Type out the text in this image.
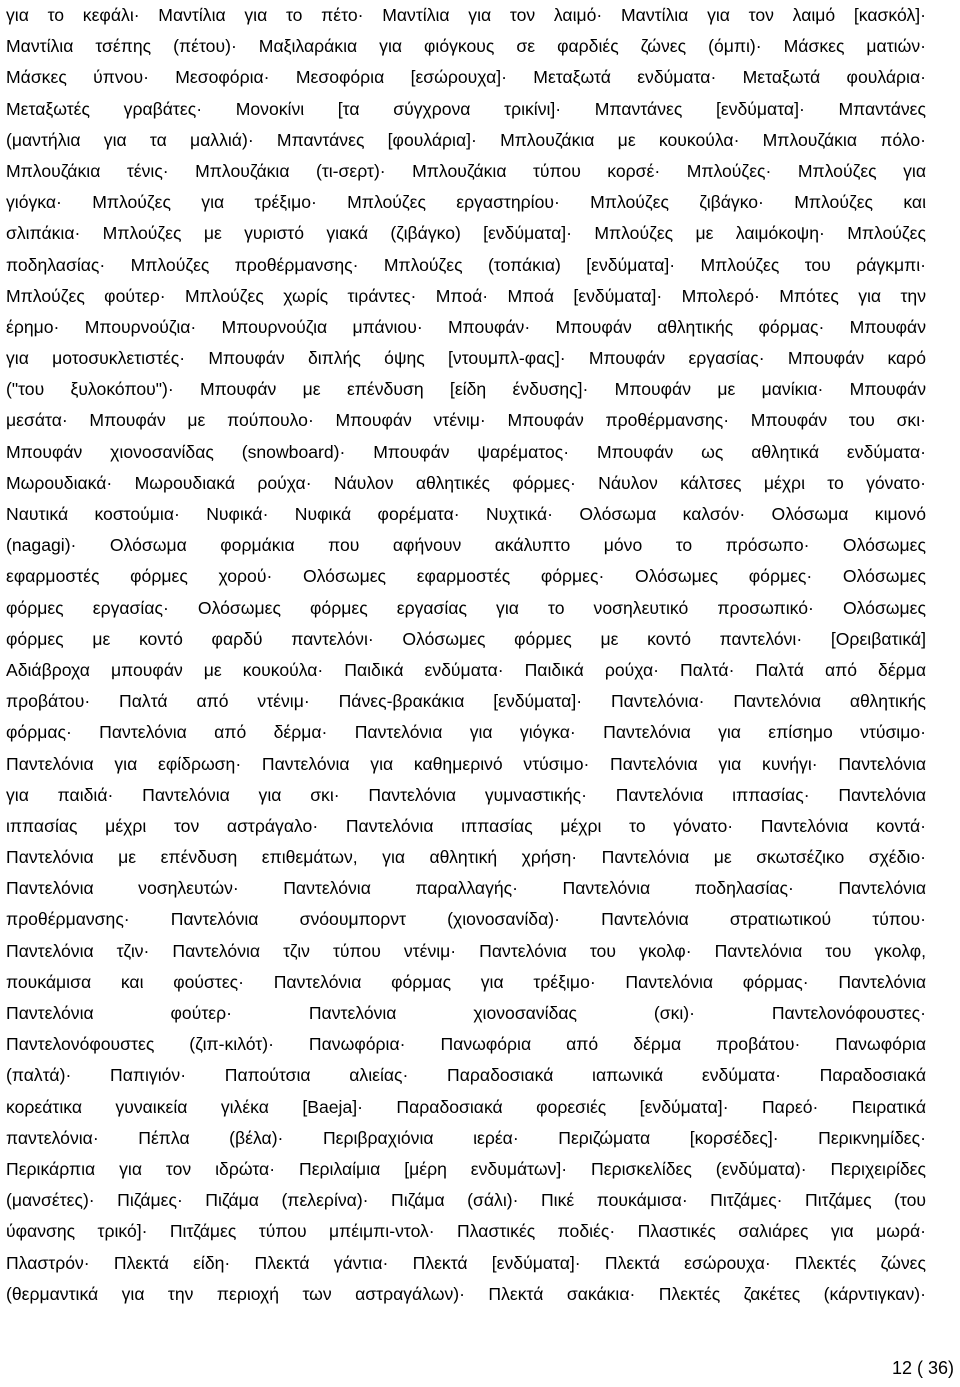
για το κεφάλι· Μαντίλια για το πέτο· Μαντίλια για τον λαιμό· Μαντίλια για τον λαιμό [κασκόλ]·
Μαντίλια τσέπης (πέτου)· Μαξιλαράκια για φιόγκους σε φαρδιές ζώνες (όμπι)· Μάσκες ματιών·
Μάσκες ύπνου· Μεσοφόρια· Μεσοφόρια [εσώρουχα]· Μεταξωτά ενδύματα· Μεταξωτά φουλάρια·
Μεταξωτές γραβάτες· Μονοκίνι [τα σύγχρονα τρικίνι]· Μπαντάνες [ενδύματα]· Μπαντάνες
(μαντήλια για τα μαλλιά)· Μπαντάνες [φουλάρια]· Μπλουζάκια με κουκούλα· Μπλουζάκια πόλο·
Μπλουζάκια τένις· Μπλουζάκια (τι-σερτ)· Μπλουζάκια τύπου κορσέ· Μπλούζες· Μπλούζες για
γιόγκα· Μπλούζες για τρέξιμο· Μπλούζες εργαστηρίου· Μπλούζες ζιβάγκο· Μπλούζες και
σλιπάκια· Μπλούζες με γυριστό γιακά (ζιβάγκο) [ενδύματα]· Μπλούζες με λαιμόκοψη· Μπλούζες
ποδηλασίας· Μπλούζες προθέρμανσης· Μπλούζες (τοπάκια) [ενδύματα]· Μπλούζες του ράγκμπι·
Μπλούζες φούτερ· Μπλούζες χωρίς τιράντες· Μποά· Μποά [ενδύματα]· Μπολερό· Μπότες για την
έρημο· Μπουρνούζια· Μπουρνούζια μπάνιου· Μπουφάν· Μπουφάν αθλητικής φόρμας· Μπουφάν
για μοτοσυκλετιστές· Μπουφάν διπλής όψης [ντουμπλ-φας]· Μπουφάν εργασίας· Μπουφάν καρό
("του ξυλοκόπου")· Μπουφάν με επένδυση [είδη ένδυσης]· Μπουφάν με μανίκια· Μπουφάν
μεσάτα· Μπουφάν με πούπουλο· Μπουφάν ντένιμ· Μπουφάν προθέρμανσης· Μπουφάν του σκι·
Μπουφάν χιονοσανίδας (snowboard)· Μπουφάν ψαρέματος· Μπουφάν ως αθλητικά ενδύματα·
Μωρουδιακά· Μωρουδιακά ρούχα· Νάυλον αθλητικές φόρμες· Νάυλον κάλτσες μέχρι το γόνατο·
Ναυτικά κοστούμια· Νυφικά· Νυφικά φορέματα· Νυχτικά· Ολόσωμα καλσόν· Ολόσωμα κιμονό
(nagagi)· Ολόσωμα φορμάκια που αφήνουν ακάλυπτο μόνο το πρόσωπο· Ολόσωμες
εφαρμοστές φόρμες χορού· Ολόσωμες εφαρμοστές φόρμες· Ολόσωμες φόρμες· Ολόσωμες
φόρμες εργασίας· Ολόσωμες φόρμες εργασίας για το νοσηλευτικό προσωπικό· Ολόσωμες
φόρμες με κοντό φαρδύ παντελόνι· Ολόσωμες φόρμες με κοντό παντελόνι· [Ορειβατικά]
Αδιάβροχα μπουφάν με κουκούλα· Παιδικά ενδύματα· Παιδικά ρούχα· Παλτά· Παλτά από δέρμα
προβάτου· Παλτά από ντένιμ· Πάνες-βρακάκια [ενδύματα]· Παντελόνια· Παντελόνια αθλητικής
φόρμας· Παντελόνια από δέρμα· Παντελόνια για γιόγκα· Παντελόνια για επίσημο ντύσιμο·
Παντελόνια για εφίδρωση· Παντελόνια για καθημερινό ντύσιμο· Παντελόνια για κυνήγι· Παντελόνια
για παιδιά· Παντελόνια για σκι· Παντελόνια γυμναστικής· Παντελόνια ιππασίας· Παντελόνια
ιππασίας μέχρι τον αστράγαλο· Παντελόνια ιππασίας μέχρι το γόνατο· Παντελόνια κοντά·
Παντελόνια με επένδυση επιθεμάτων, για αθλητική χρήση· Παντελόνια με σκωτσέζικο σχέδιο·
Παντελόνια νοσηλευτών· Παντελόνια παραλλαγής· Παντελόνια ποδηλασίας· Παντελόνια
προθέρμανσης· Παντελόνια σνόουμπορντ (χιονοσανίδα)· Παντελόνια στρατιωτικού τύπου·
Παντελόνια τζιν· Παντελόνια τζιν τύπου ντένιμ· Παντελόνια του γκολφ· Παντελόνια του γκολφ,
πουκάμισα και φούστες· Παντελόνια φόρμας για τρέξιμο· Παντελόνια φόρμας· Παντελόνια
Παντελόνια φούτερ· Παντελόνια χιονοσανίδας (σκι)· Παντελονόφουστες·
Παντελονόφουστες (ζιπ-κιλότ)· Πανωφόρια· Πανωφόρια από δέρμα προβάτου· Πανωφόρια
(παλτά)· Παπιγιόν· Παπούτσια αλιείας· Παραδοσιακά ιαπωνικά ενδύματα· Παραδοσιακά
κορεάτικα γυναικεία γιλέκα [Baeja]· Παραδοσιακά φορεσιές [ενδύματα]· Παρεό· Πειρατικά
παντελόνια· Πέπλα (βέλα)· Περιβραχιόνια ιερέα· Περιζώματα [κορσέδες]· Περικνημίδες·
Περικάρπια για τον ιδρώτα· Περιλαίμια [μέρη ενδυμάτων]· Περισκελίδες (ενδύματα)· Περιχειρίδες
(μανσέτες)· Πιζάμες· Πιζάμα (πελερίνα)· Πιζάμα (σάλι)· Πικέ πουκάμισα· Πιτζάμες· Πιτζάμες (του
ύφανσης τρικό]· Πιτζάμες τύπου μπέιμπι-ντολ· Πλαστικές ποδιές· Πλαστικές σαλιάρες για μωρά·
Πλαστρόν· Πλεκτά είδη· Πλεκτά γάντια· Πλεκτά [ενδύματα]· Πλεκτά εσώρουχα· Πλεκτές ζώνες
(θερμαντικά για την περιοχή των αστραγάλων)· Πλεκτά σακάκια· Πλεκτές ζακέτες (κάρντιγκαν)·
12 ( 36)
